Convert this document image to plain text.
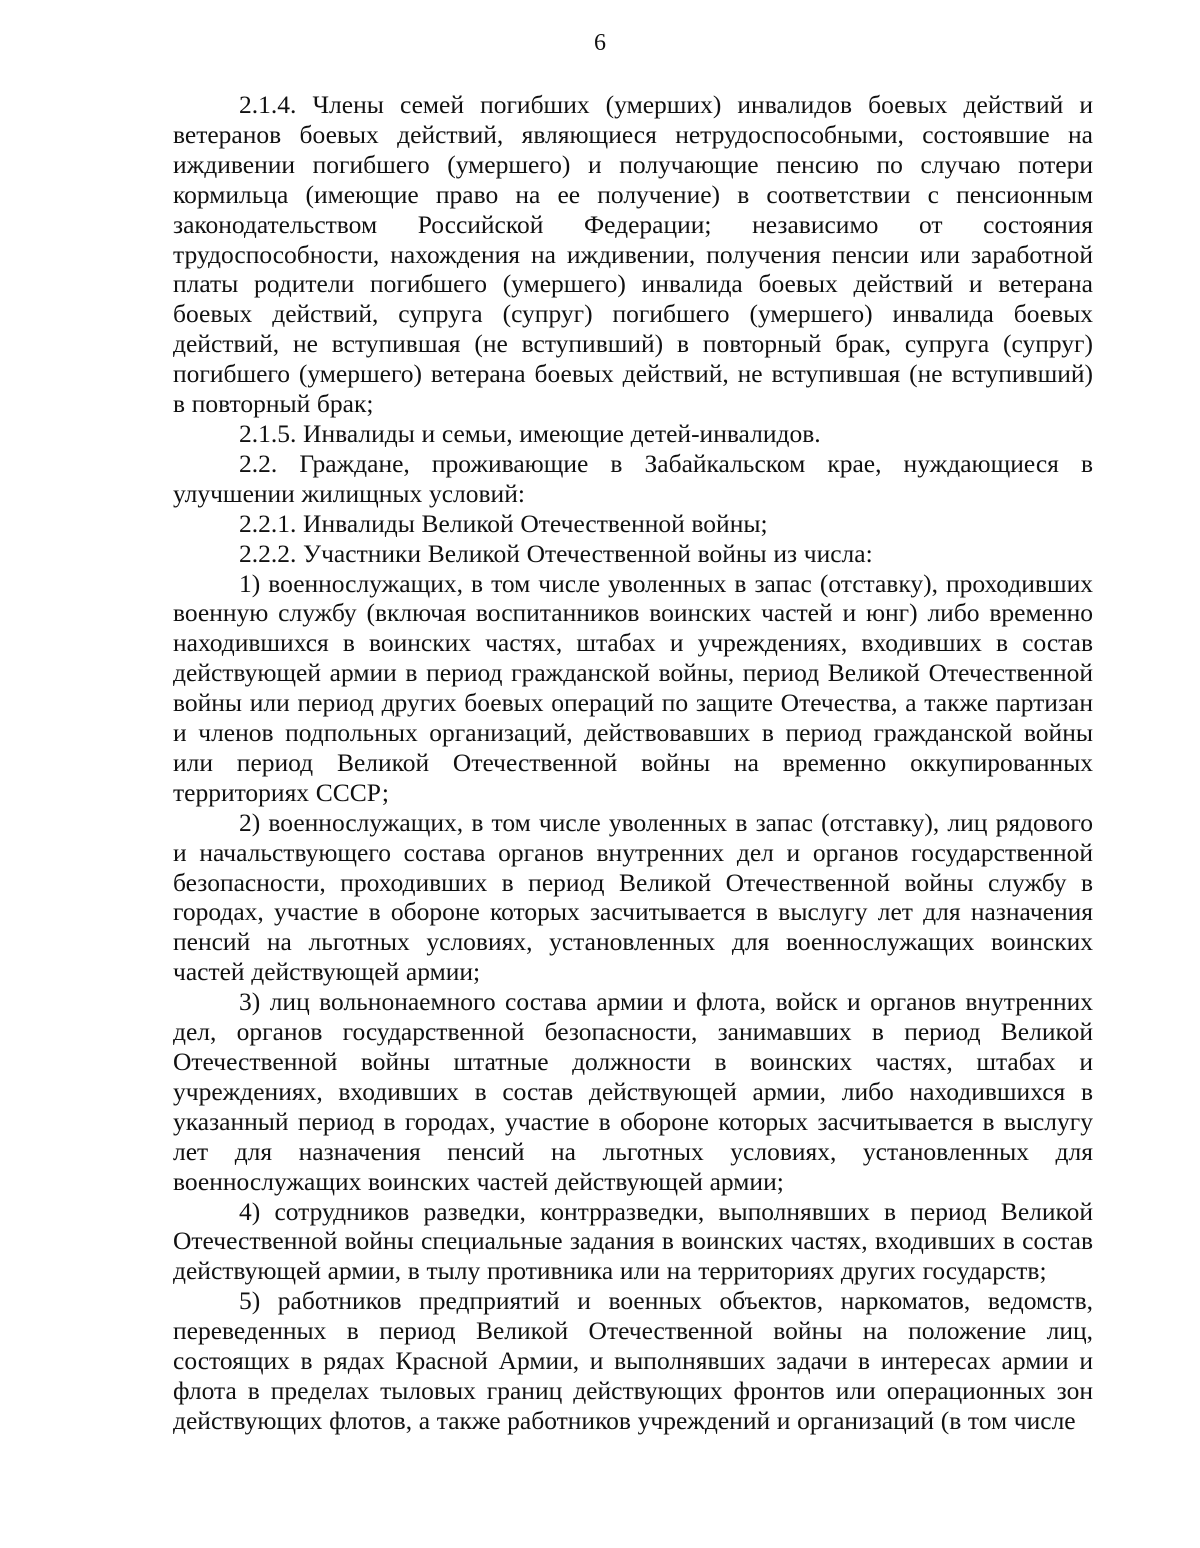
6

2.1.4. Члены семей погибших (умерших) инвалидов боевых действий и ветеранов боевых действий, являющиеся нетрудоспособными, состоявшие на иждивении погибшего (умершего) и получающие пенсию по случаю потери кормильца (имеющие право на ее получение) в соответствии с пенсионным законодательством Российской Федерации; независимо от состояния трудоспособности, нахождения на иждивении, получения пенсии или заработной платы родители погибшего (умершего) инвалида боевых действий и ветерана боевых действий, супруга (супруг) погибшего (умершего) инвалида боевых действий, не вступившая (не вступивший) в повторный брак, супруга (супруг) погибшего (умершего) ветерана боевых действий, не вступившая (не вступивший) в повторный брак;

2.1.5. Инвалиды и семьи, имеющие детей-инвалидов.

2.2. Граждане, проживающие в Забайкальском крае, нуждающиеся в улучшении жилищных условий:

2.2.1. Инвалиды Великой Отечественной войны;

2.2.2. Участники Великой Отечественной войны из числа:

1) военнослужащих, в том числе уволенных в запас (отставку), проходивших военную службу (включая воспитанников воинских частей и юнг) либо временно находившихся в воинских частях, штабах и учреждениях, входивших в состав действующей армии в период гражданской войны, период Великой Отечественной войны или период других боевых операций по защите Отечества, а также партизан и членов подпольных организаций, действовавших в период гражданской войны или период Великой Отечественной войны на временно оккупированных территориях СССР;

2) военнослужащих, в том числе уволенных в запас (отставку), лиц рядового и начальствующего состава органов внутренних дел и органов государственной безопасности, проходивших в период Великой Отечественной войны службу в городах, участие в обороне которых засчитывается в выслугу лет для назначения пенсий на льготных условиях, установленных для военнослужащих воинских частей действующей армии;

3) лиц вольнонаемного состава армии и флота, войск и органов внутренних дел, органов государственной безопасности, занимавших в период Великой Отечественной войны штатные должности в воинских частях, штабах и учреждениях, входивших в состав действующей армии, либо находившихся в указанный период в городах, участие в обороне которых засчитывается в выслугу лет для назначения пенсий на льготных условиях, установленных для военнослужащих воинских частей действующей армии;

4) сотрудников разведки, контрразведки, выполнявших в период Великой Отечественной войны специальные задания в воинских частях, входивших в состав действующей армии, в тылу противника или на территориях других государств;

5) работников предприятий и военных объектов, наркоматов, ведомств, переведенных в период Великой Отечественной войны на положение лиц, состоящих в рядах Красной Армии, и выполнявших задачи в интересах армии и флота в пределах тыловых границ действующих фронтов или операционных зон действующих флотов, а также работников учреждений и организаций (в том числе
